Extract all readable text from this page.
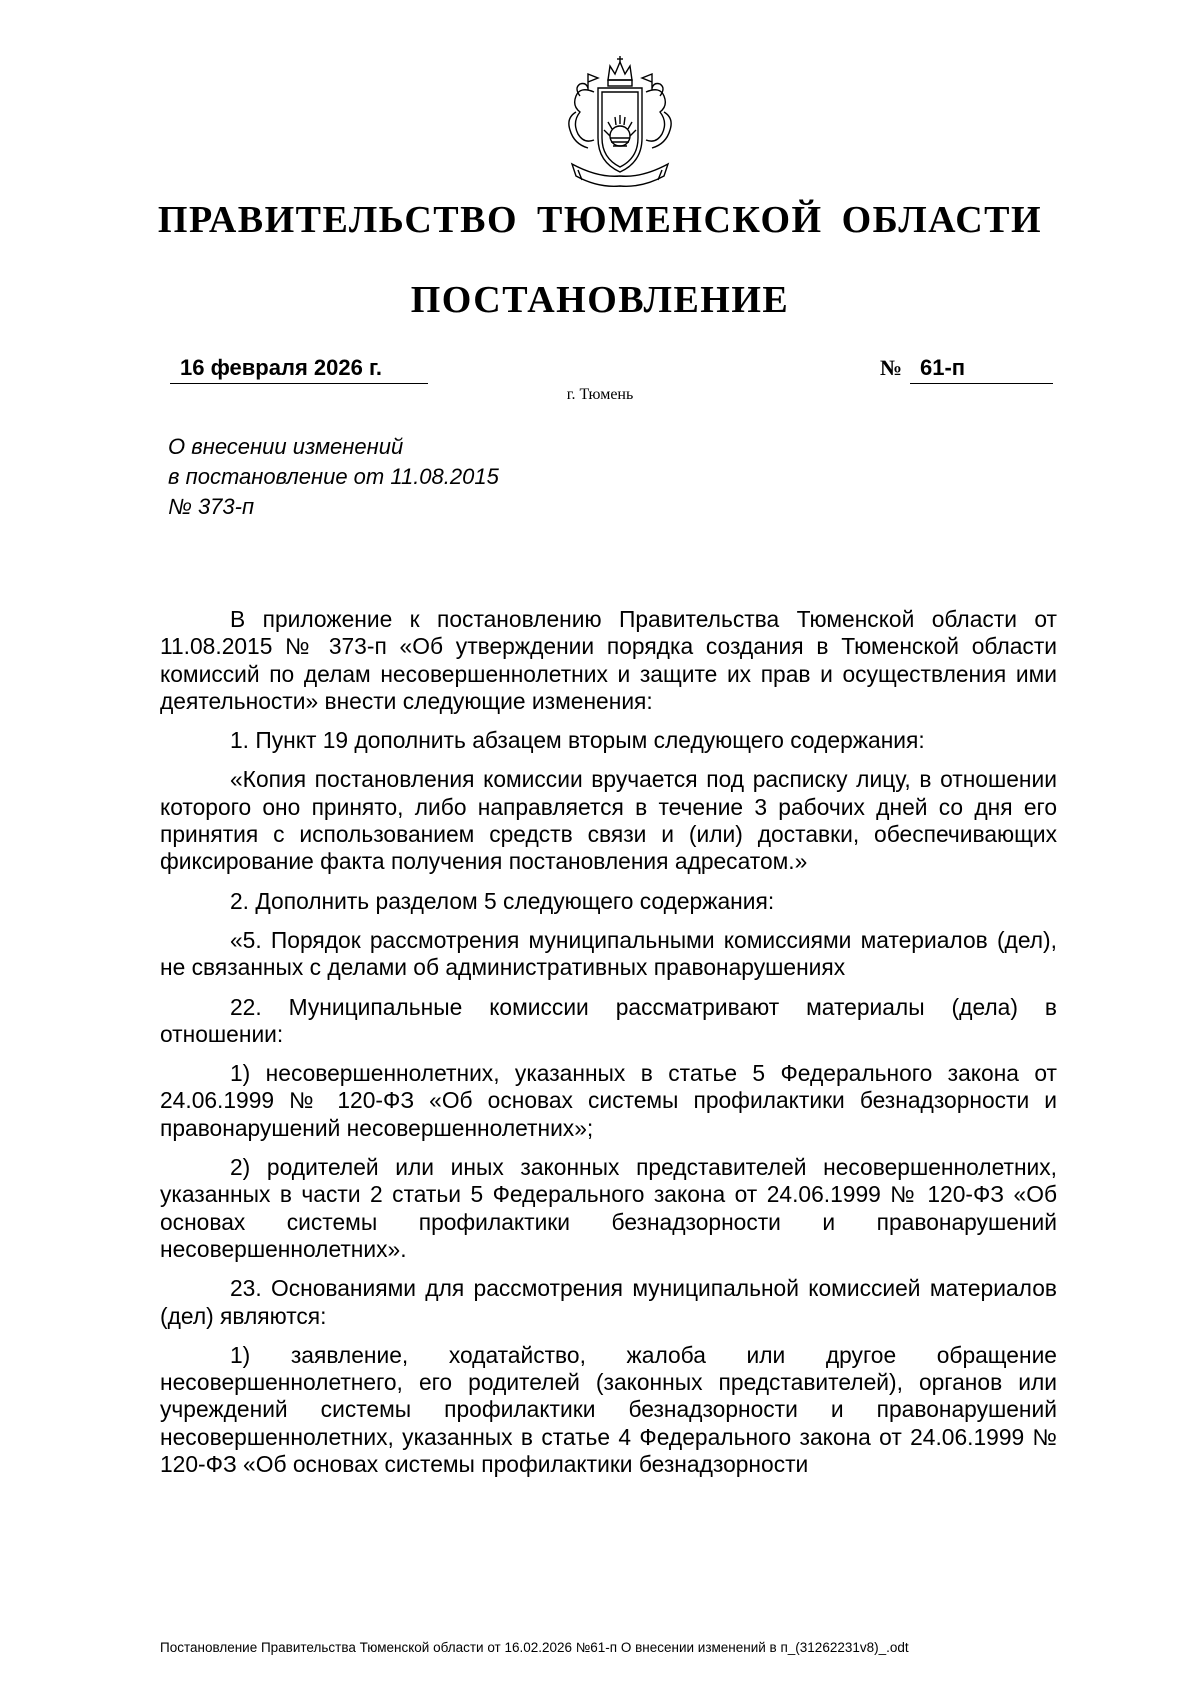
ПРАВИТЕЛЬСТВО ТЮМЕНСКОЙ ОБЛАСТИ
ПОСТАНОВЛЕНИЕ
16 февраля 2026 г.	№ 61-п
г. Тюмень
О внесении изменений
в постановление от 11.08.2015
№ 373-п

В приложение к постановлению Правительства Тюменской области от 11.08.2015 № 373-п «Об утверждении порядка создания в Тюменской области комиссий по делам несовершеннолетних и защите их прав и осуществления ими деятельности» внести следующие изменения:

1. Пункт 19 дополнить абзацем вторым следующего содержания:

«Копия постановления комиссии вручается под расписку лицу, в отношении которого оно принято, либо направляется в течение 3 рабочих дней со дня его принятия с использованием средств связи и (или) доставки, обеспечивающих фиксирование факта получения постановления адресатом.»

2. Дополнить разделом 5 следующего содержания:

«5. Порядок рассмотрения муниципальными комиссиями материалов (дел), не связанных с делами об административных правонарушениях

22. Муниципальные комиссии рассматривают материалы (дела) в отношении:

1) несовершеннолетних, указанных в статье 5 Федерального закона от 24.06.1999 № 120-ФЗ «Об основах системы профилактики безнадзорности и правонарушений несовершеннолетних»;

2) родителей или иных законных представителей несовершеннолетних, указанных в части 2 статьи 5 Федерального закона от 24.06.1999 № 120-ФЗ «Об основах системы профилактики безнадзорности и правонарушений несовершеннолетних».

23. Основаниями для рассмотрения муниципальной комиссией материалов (дел) являются:

1) заявление, ходатайство, жалоба или другое обращение несовершеннолетнего, его родителей (законных представителей), органов или учреждений системы профилактики безнадзорности и правонарушений несовершеннолетних, указанных в статье 4 Федерального закона от 24.06.1999 № 120-ФЗ «Об основах системы профилактики безнадзорности

Постановление Правительства Тюменской области от 16.02.2026 №61-п О внесении изменений в п_(31262231v8)_.odt
